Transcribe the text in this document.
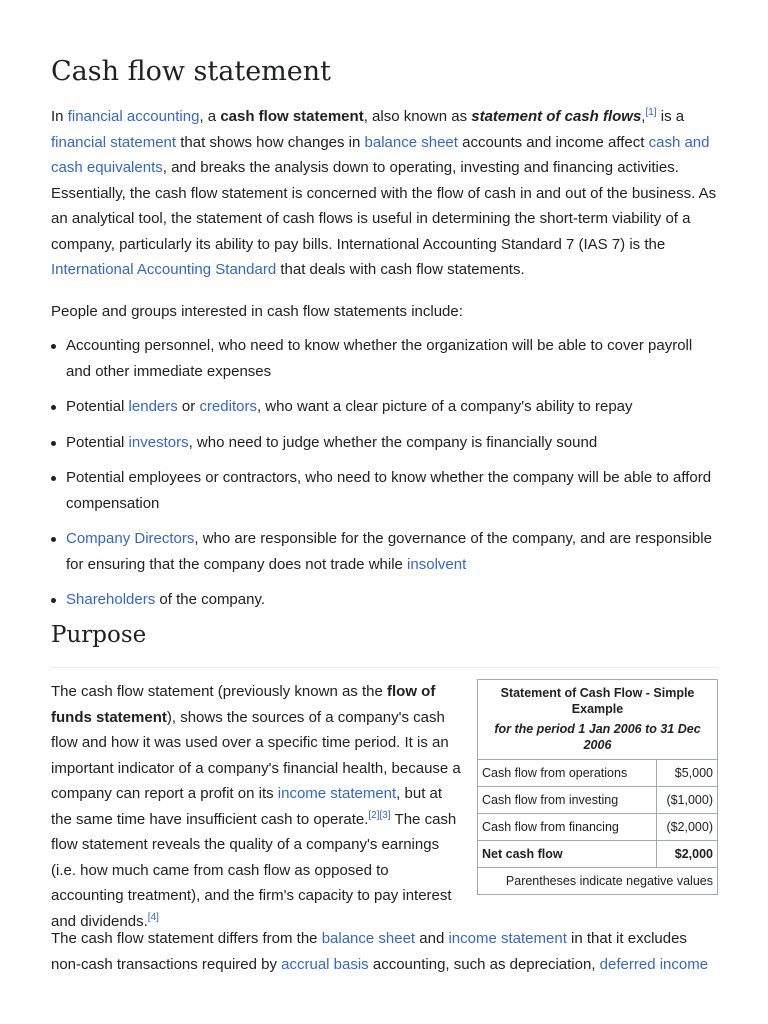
Cash flow statement

In financial accounting, a cash flow statement, also known as statement of cash flows,[1] is a financial statement that shows how changes in balance sheet accounts and income affect cash and cash equivalents, and breaks the analysis down to operating, investing and financing activities. Essentially, the cash flow statement is concerned with the flow of cash in and out of the business. As an analytical tool, the statement of cash flows is useful in determining the short-term viability of a company, particularly its ability to pay bills. International Accounting Standard 7 (IAS 7) is the International Accounting Standard that deals with cash flow statements.

People and groups interested in cash flow statements include:

Accounting personnel, who need to know whether the organization will be able to cover payroll and other immediate expenses
Potential lenders or creditors, who want a clear picture of a company's ability to repay
Potential investors, who need to judge whether the company is financially sound
Potential employees or contractors, who need to know whether the company will be able to afford compensation
Company Directors, who are responsible for the governance of the company, and are responsible for ensuring that the company does not trade while insolvent
Shareholders of the company.
Purpose
Statement of Cash Flow - Simple Example	
for the period 1 Jan 2006 to 31 Dec 2006	
Cash flow from operations	$5,000
Cash flow from investing	($1,000)
Cash flow from financing	($2,000)
Net cash flow	$2,000
Parentheses indicate negative values	

The cash flow statement (previously known as the flow of funds statement), shows the sources of a company's cash flow and how it was used over a specific time period. It is an important indicator of a company's financial health, because a company can report a profit on its income statement, but at the same time have insufficient cash to operate.[2][3] The cash flow statement reveals the quality of a company's earnings (i.e. how much came from cash flow as opposed to accounting treatment), and the firm's capacity to pay interest and dividends.[4]

The cash flow statement differs from the balance sheet and income statement in that it excludes non-cash transactions required by accrual basis accounting, such as depreciation, deferred income
